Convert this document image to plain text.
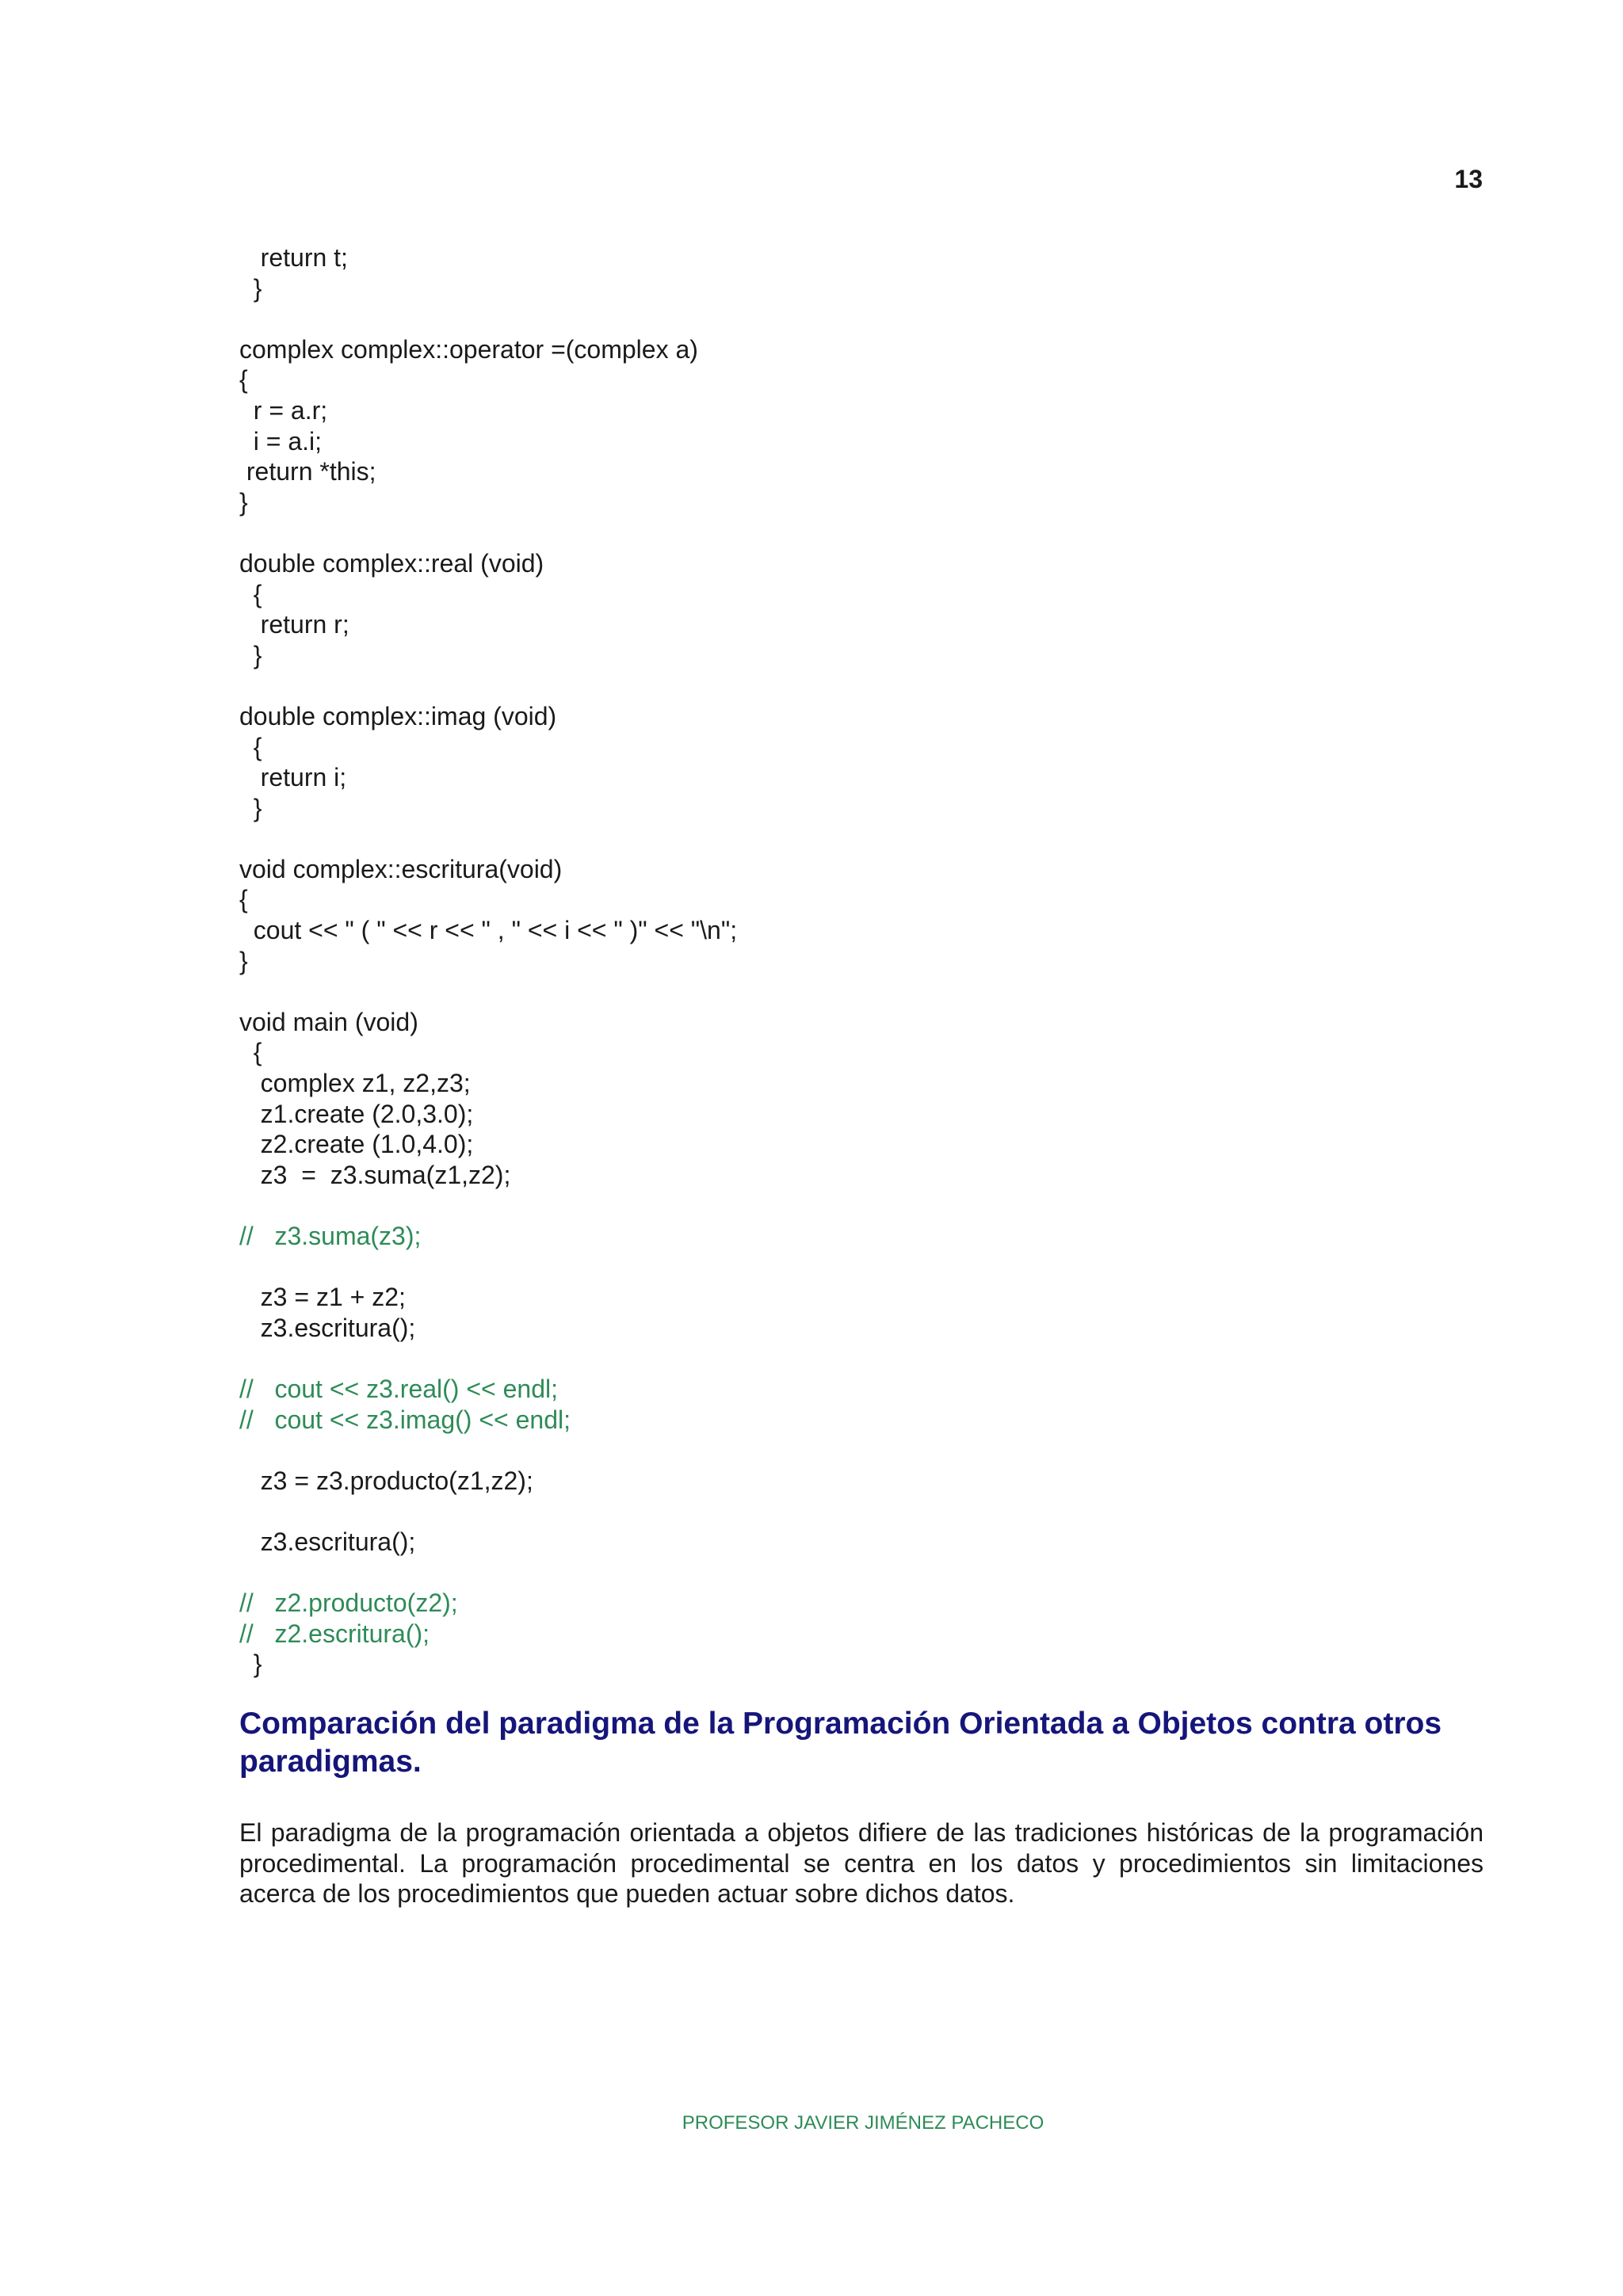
13
return t;
}
complex complex::operator =(complex a)
{
r = a.r;
i = a.i;
return *this;
}
double complex::real (void)
{
return r;
}
double complex::imag (void)
{
return i;
}
void complex::escritura(void)
{
cout << " ( " << r << " , " << i << " )" << "\n";
}
void main (void)
{
complex z1, z2,z3;
z1.create (2.0,3.0);
z2.create (1.0,4.0);
z3  =  z3.suma(z1,z2);
//   z3.suma(z3);
z3 = z1 + z2;
z3.escritura();
//   cout << z3.real() << endl;
//   cout << z3.imag() << endl;
z3 = z3.producto(z1,z2);
z3.escritura();
//   z2.producto(z2);
//   z2.escritura();
}
Comparación del paradigma de la Programación Orientada a Objetos contra otros paradigmas.

El paradigma de la programación orientada a objetos difiere de las tradiciones históricas de la programación procedimental. La programación procedimental se centra en los datos y procedimientos sin limitaciones acerca de los procedimientos que pueden actuar sobre dichos datos.

PROFESOR JAVIER JIMÉNEZ PACHECO
